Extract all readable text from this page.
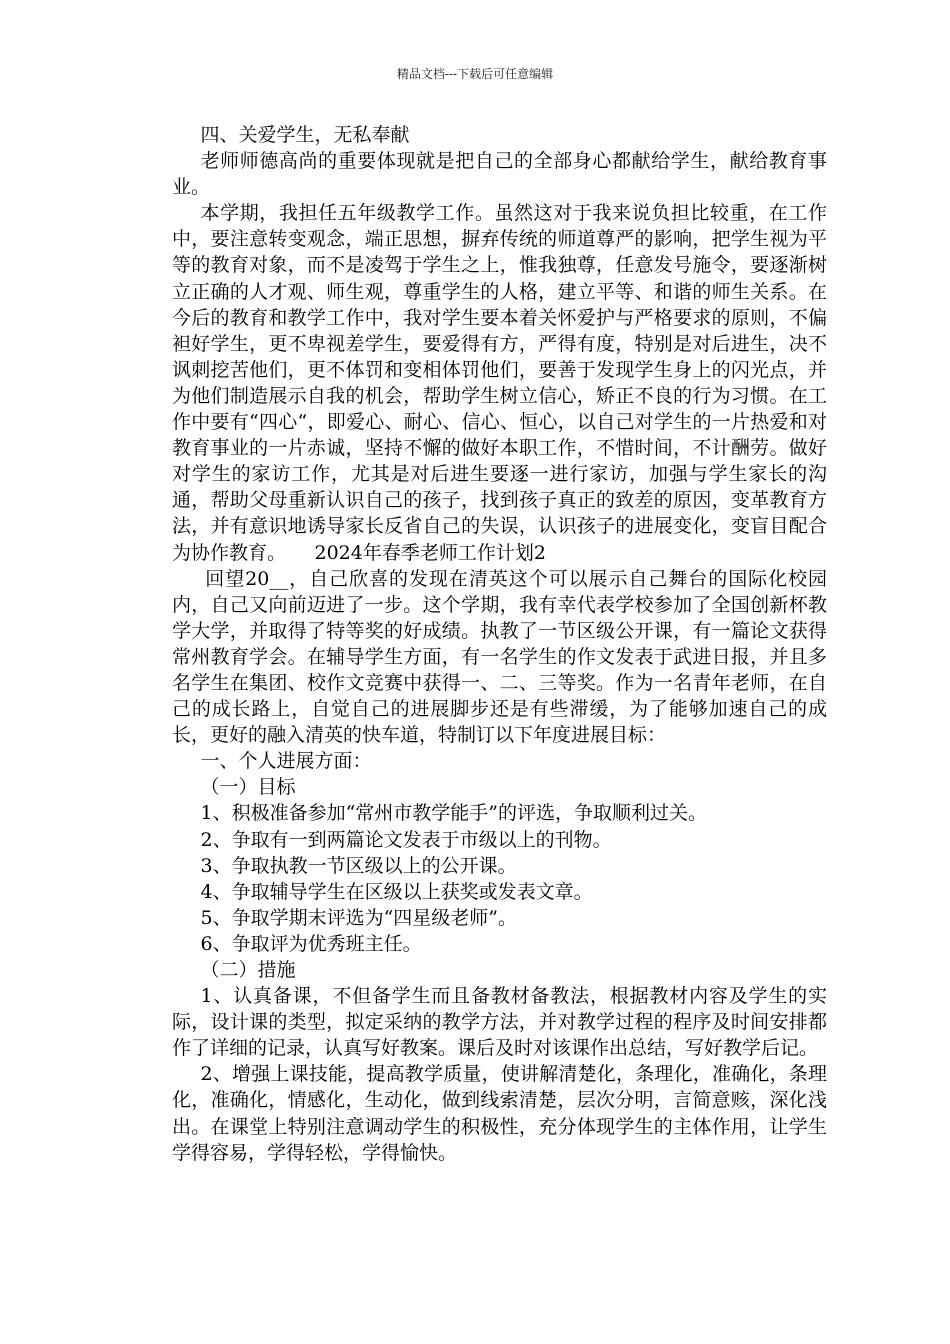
精品文档---下载后可任意编辑

四、关爱学生，无私奉献

老师师德高尚的重要体现就是把自己的全部身心都献给学生，献给教育事业。

本学期，我担任五年级教学工作。虽然这对于我来说负担比较重，在工作中，要注意转变观念，端正思想，摒弃传统的师道尊严的影响，把学生视为平等的教育对象，而不是凌驾于学生之上，惟我独尊，任意发号施令，要逐渐树立正确的人才观、师生观，尊重学生的人格，建立平等、和谐的师生关系。在今后的教育和教学工作中，我对学生要本着关怀爱护与严格要求的原则，不偏袒好学生，更不卑视差学生，要爱得有方，严得有度，特别是对后进生，决不讽刺挖苦他们，更不体罚和变相体罚他们，要善于发现学生身上的闪光点，并为他们制造展示自我的机会，帮助学生树立信心，矫正不良的行为习惯。在工作中要有“四心“，即爱心、耐心、信心、恒心，以自己对学生的一片热爱和对教育事业的一片赤诚，坚持不懈的做好本职工作，不惜时间，不计酬劳。做好对学生的家访工作，尤其是对后进生要逐一进行家访，加强与学生家长的沟通，帮助父母重新认识自己的孩子，找到孩子真正的致差的原因，变革教育方法，并有意识地诱导家长反省自己的失误，认识孩子的进展变化，变盲目配合为协作教育。　　2024年春季老师工作计划2

回望20__，自己欣喜的发现在清英这个可以展示自己舞台的国际化校园内，自己又向前迈进了一步。这个学期，我有幸代表学校参加了全国创新杯教学大学，并取得了特等奖的好成绩。执教了一节区级公开课，有一篇论文获得常州教育学会。在辅导学生方面，有一名学生的作文发表于武进日报，并且多名学生在集团、校作文竞赛中获得一、二、三等奖。作为一名青年老师，在自己的成长路上，自觉自己的进展脚步还是有些滞缓，为了能够加速自己的成长，更好的融入清英的快车道，特制订以下年度进展目标：

一、个人进展方面：

（一）目标

1、积极准备参加“常州市教学能手”的评选，争取顺利过关。

2、争取有一到两篇论文发表于市级以上的刊物。

3、争取执教一节区级以上的公开课。

4、争取辅导学生在区级以上获奖或发表文章。

5、争取学期末评选为“四星级老师”。

6、争取评为优秀班主任。

（二）措施

1、认真备课，不但备学生而且备教材备教法，根据教材内容及学生的实际，设计课的类型，拟定采纳的教学方法，并对教学过程的程序及时间安排都作了详细的记录，认真写好教案。课后及时对该课作出总结，写好教学后记。

2、增强上课技能，提高教学质量，使讲解清楚化，条理化，准确化，条理化，准确化，情感化，生动化，做到线索清楚，层次分明，言简意赅，深化浅出。在课堂上特别注意调动学生的积极性，充分体现学生的主体作用，让学生学得容易，学得轻松，学得愉快。
